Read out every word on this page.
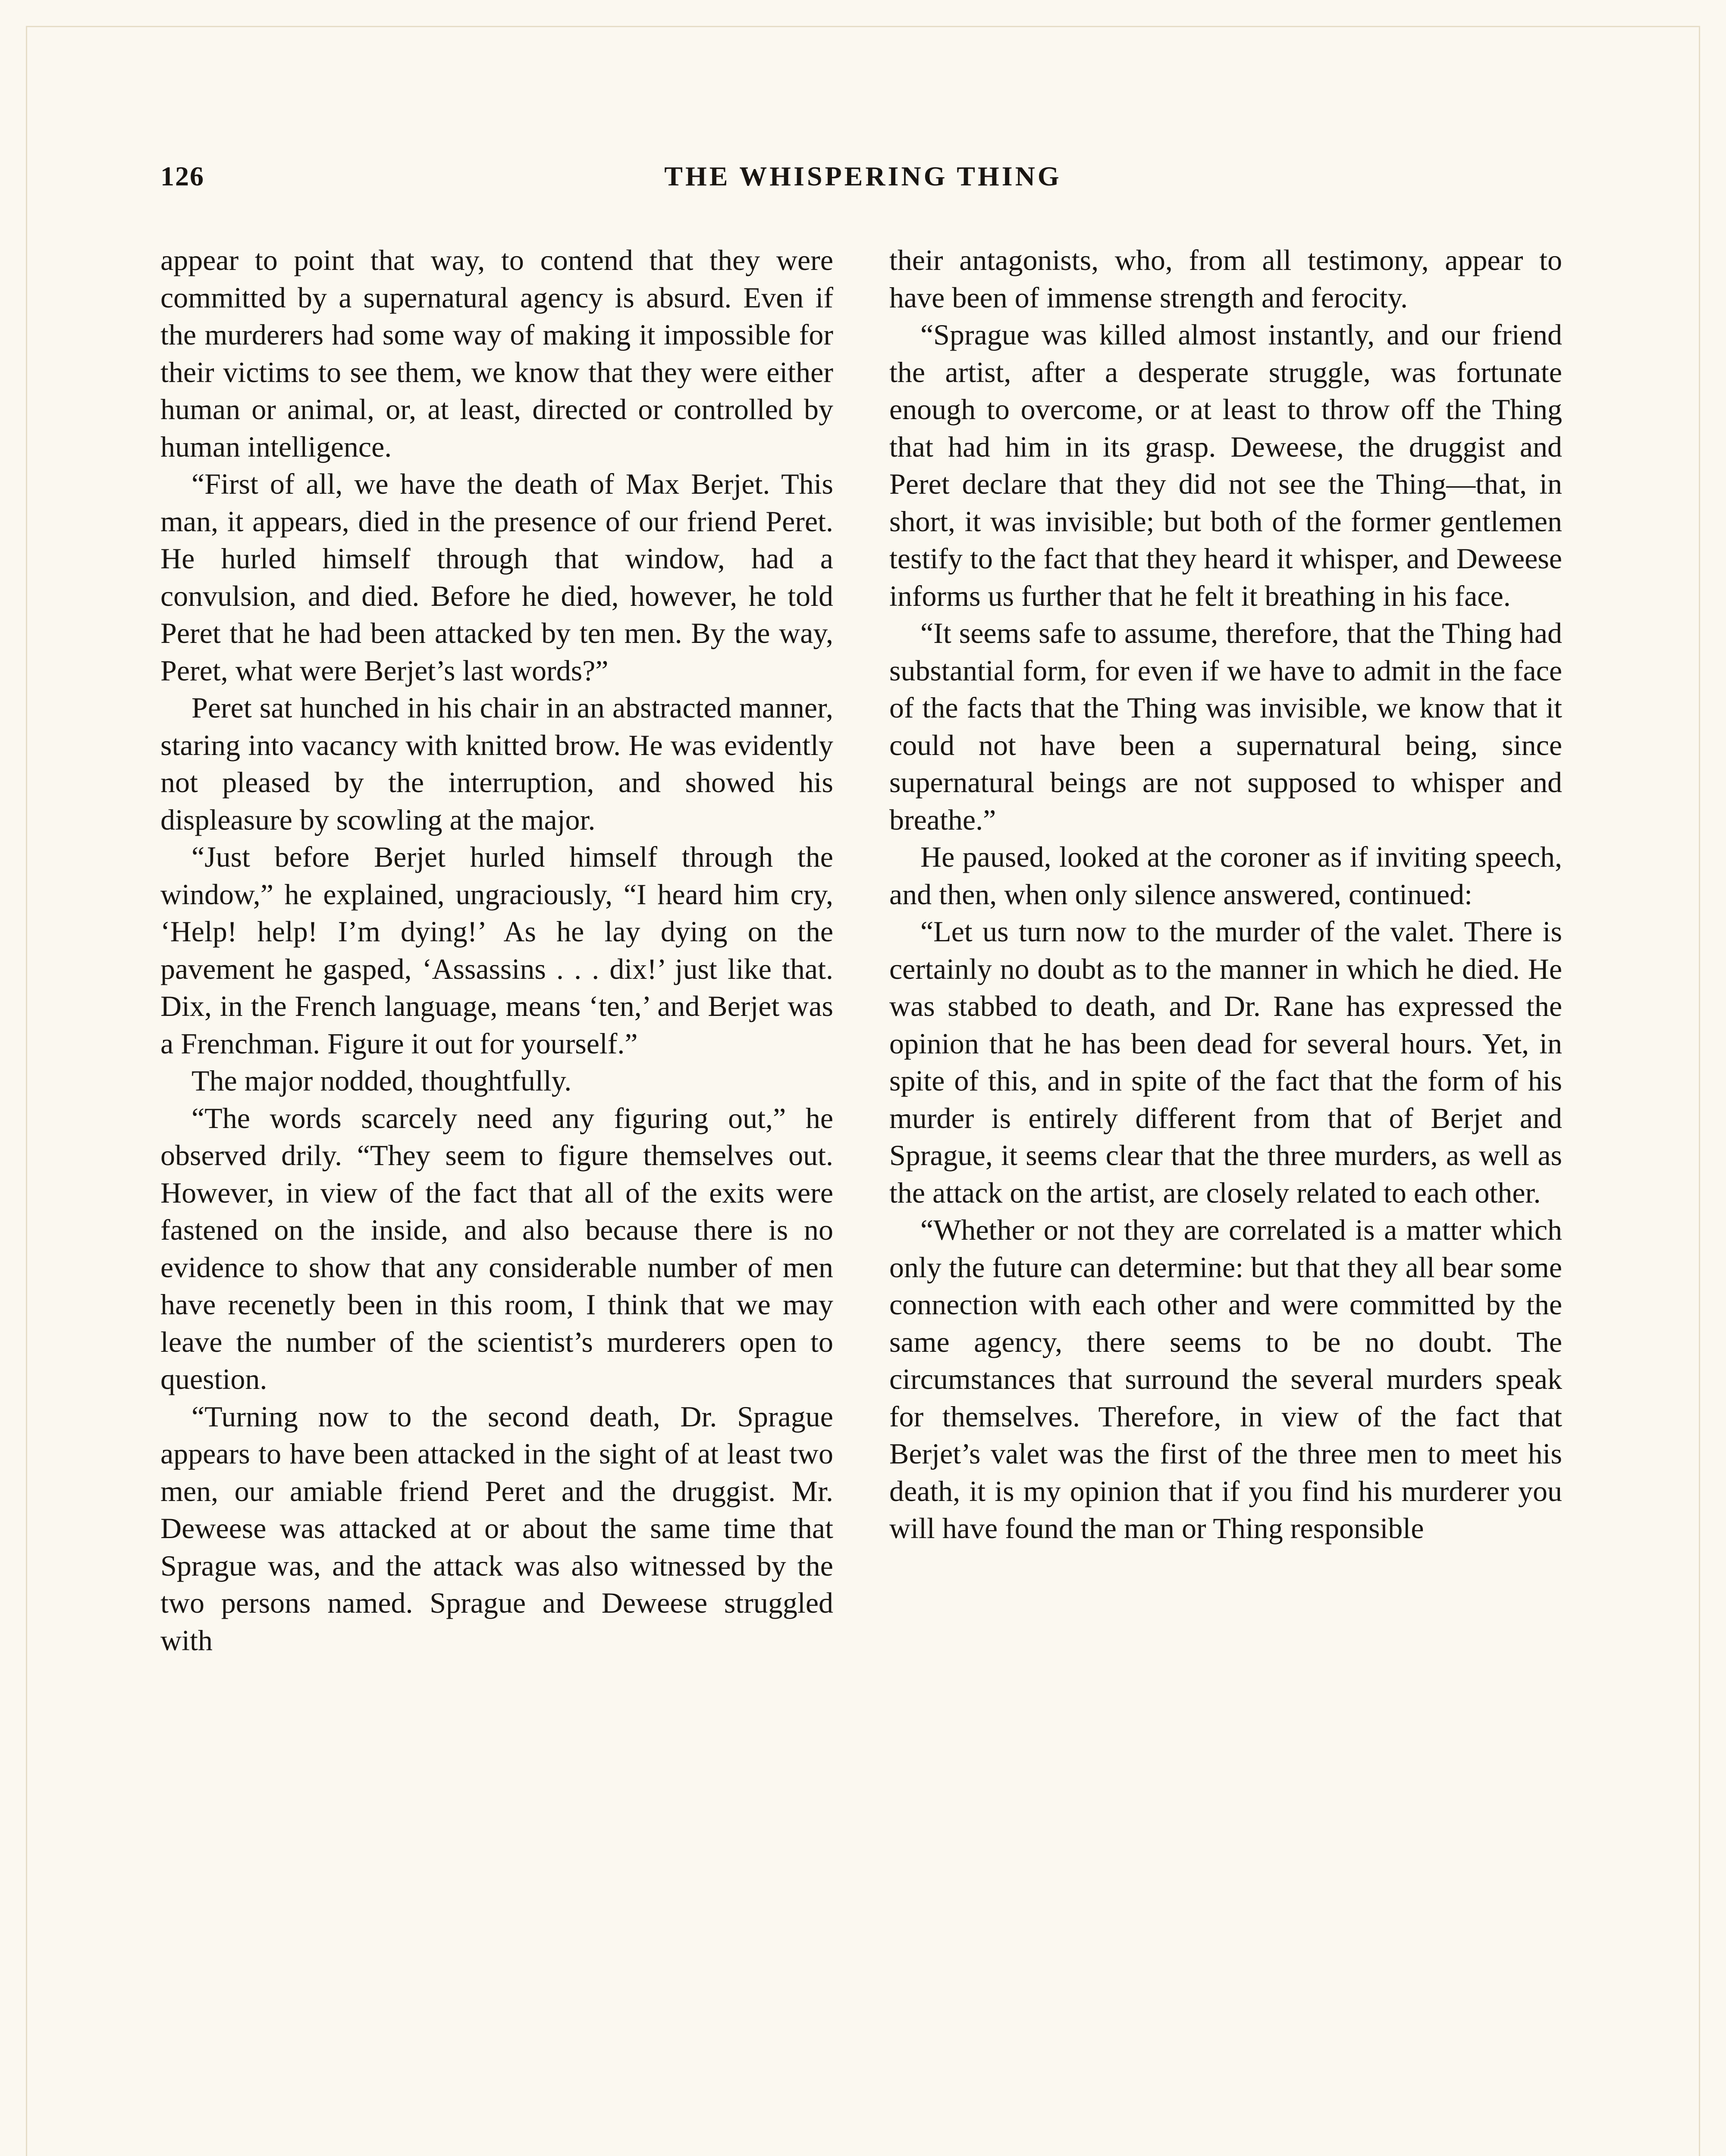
126	THE WHISPERING THING

appear to point that way, to contend that they were committed by a supernatural agency is absurd. Even if the murderers had some way of making it impossible for their victims to see them, we know that they were either human or animal, or, at least, directed or controlled by human intelligence.

“First of all, we have the death of Max Berjet. This man, it appears, died in the presence of our friend Peret. He hurled himself through that window, had a convulsion, and died. Before he died, however, he told Peret that he had been attacked by ten men. By the way, Peret, what were Berjet’s last words?”

Peret sat hunched in his chair in an abstracted manner, staring into vacancy with knitted brow. He was evidently not pleased by the interruption, and showed his displeasure by scowling at the major.

“Just before Berjet hurled himself through the window,” he explained, ungraciously, “I heard him cry, ‘Help! help! I’m dying!’ As he lay dying on the pavement he gasped, ‘Assassins . . . dix!’ just like that. Dix, in the French language, means ‘ten,’ and Berjet was a Frenchman. Figure it out for yourself.”

The major nodded, thoughtfully.

“The words scarcely need any figuring out,” he observed drily. “They seem to figure themselves out. However, in view of the fact that all of the exits were fastened on the inside, and also because there is no evidence to show that any considerable number of men have recenetly been in this room, I think that we may leave the number of the scientist’s murderers open to question.

“Turning now to the second death, Dr. Sprague appears to have been attacked in the sight of at least two men, our amiable friend Peret and the druggist. Mr. Deweese was attacked at or about the same time that Sprague was, and the attack was also witnessed by the two persons named. Sprague and Deweese struggled with

their antagonists, who, from all testimony, appear to have been of immense strength and ferocity.

“Sprague was killed almost instantly, and our friend the artist, after a desperate struggle, was fortunate enough to overcome, or at least to throw off the Thing that had him in its grasp. Deweese, the druggist and Peret declare that they did not see the Thing—that, in short, it was invisible; but both of the former gentlemen testify to the fact that they heard it whisper, and Deweese informs us further that he felt it breathing in his face.

“It seems safe to assume, therefore, that the Thing had substantial form, for even if we have to admit in the face of the facts that the Thing was invisible, we know that it could not have been a supernatural being, since supernatural beings are not supposed to whisper and breathe.”

He paused, looked at the coroner as if inviting speech, and then, when only silence answered, continued:

“Let us turn now to the murder of the valet. There is certainly no doubt as to the manner in which he died. He was stabbed to death, and Dr. Rane has expressed the opinion that he has been dead for several hours. Yet, in spite of this, and in spite of the fact that the form of his murder is entirely different from that of Berjet and Sprague, it seems clear that the three murders, as well as the attack on the artist, are closely related to each other.

“Whether or not they are correlated is a matter which only the future can determine: but that they all bear some connection with each other and were committed by the same agency, there seems to be no doubt. The circumstances that surround the several murders speak for themselves. Therefore, in view of the fact that Berjet’s valet was the first of the three men to meet his death, it is my opinion that if you find his murderer you will have found the man or Thing responsible
